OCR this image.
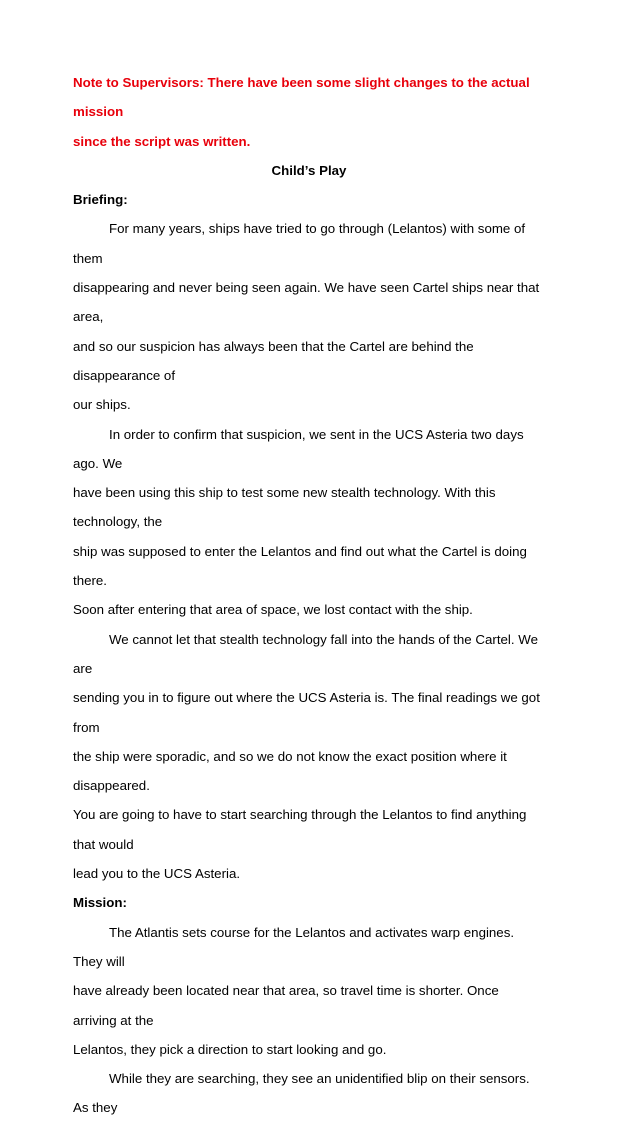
Note to Supervisors: There have been some slight changes to the actual mission

since the script was written.

Child’s Play

Briefing:

For many years, ships have tried to go through (Lelantos) with some of them
disappearing and never being seen again. We have seen Cartel ships near that area,
and so our suspicion has always been that the Cartel are behind the disappearance of
our ships.

In order to confirm that suspicion, we sent in the UCS Asteria two days ago. We
have been using this ship to test some new stealth technology. With this technology, the
ship was supposed to enter the Lelantos and find out what the Cartel is doing there.
Soon after entering that area of space, we lost contact with the ship.

We cannot let that stealth technology fall into the hands of the Cartel. We are
sending you in to figure out where the UCS Asteria is. The final readings we got from
the ship were sporadic, and so we do not know the exact position where it disappeared.
You are going to have to start searching through the Lelantos to find anything that would
lead you to the UCS Asteria.

Mission:

The Atlantis sets course for the Lelantos and activates warp engines. They will
have already been located near that area, so travel time is shorter. Once arriving at the
Lelantos, they pick a direction to start looking and go.

While they are searching, they see an unidentified blip on their sensors. As they
